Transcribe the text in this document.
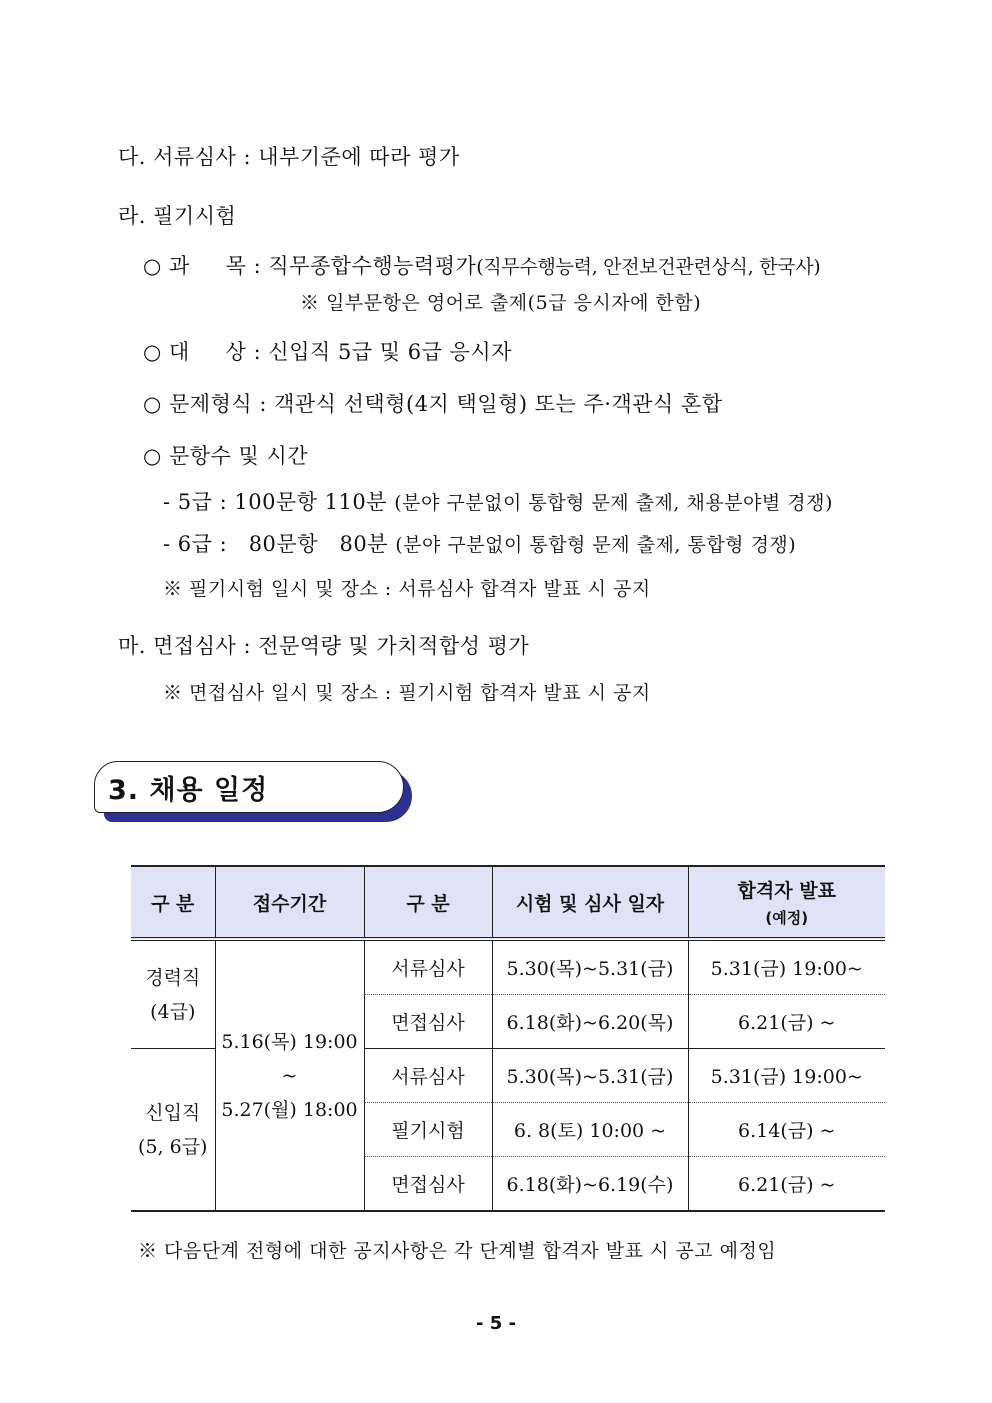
다. 서류심사 : 내부기준에 따라 평가
라. 필기시험
○ 과     목 : 직무종합수행능력평가(직무수행능력, 안전보건관련상식, 한국사)
※ 일부문항은 영어로 출제(5급 응시자에 한함)
○ 대     상 : 신입직 5급 및 6급 응시자
○ 문제형식 : 객관식 선택형(4지 택일형) 또는 주·객관식 혼합
○ 문항수 및 시간
- 5급 : 100문항 110분 (분야 구분없이 통합형 문제 출제, 채용분야별 경쟁)
- 6급 :   80문항   80분 (분야 구분없이 통합형 문제 출제, 통합형 경쟁)
※ 필기시험 일시 및 장소 : 서류심사 합격자 발표 시 공지
마. 면접심사 : 전문역량 및 가치적합성 평가
※ 면접심사 일시 및 장소 : 필기시험 합격자 발표 시 공지
3. 채용 일정
구 분	접수기간	구 분	시험 및 심사 일자	합격자 발표
(예정)

경력직
(4급)	5.16(목) 19:00
~
5.27(월) 18:00	서류심사	5.30(목)~5.31(금)	5.31(금) 19:00~
		면접심사	6.18(화)~6.20(목)	6.21(금) ~
신입직
(5, 6급)		서류심사	5.30(목)~5.31(금)	5.31(금) 19:00~
		필기시험	6. 8(토) 10:00 ~	6.14(금) ~
		면접심사	6.18(화)~6.19(수)	6.21(금) ~
※ 다음단계 전형에 대한 공지사항은 각 단계별 합격자 발표 시 공고 예정임
- 5 -
